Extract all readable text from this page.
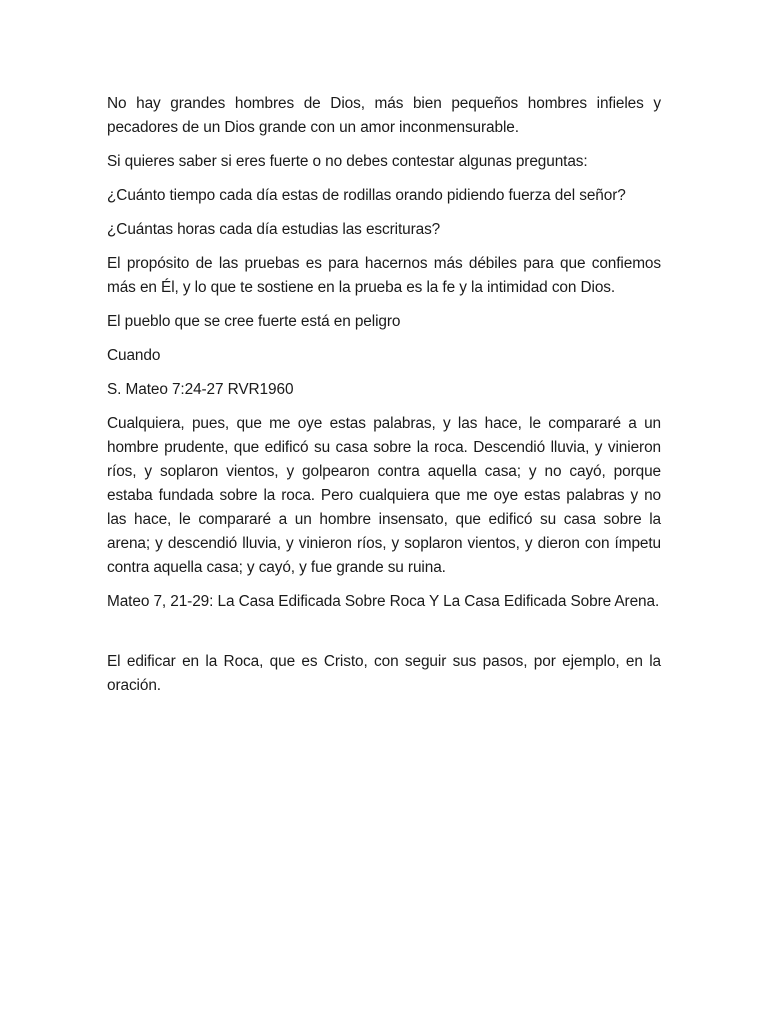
No hay grandes hombres de Dios, más bien pequeños hombres infieles y pecadores de un Dios grande con un amor inconmensurable.

Si quieres saber si eres fuerte o no debes contestar algunas preguntas:

¿Cuánto tiempo cada día estas de rodillas orando pidiendo fuerza del señor?

¿Cuántas horas cada día estudias las escrituras?

El propósito de las pruebas es para hacernos más débiles para que confiemos más en Él, y lo que te sostiene en la prueba es la fe y la intimidad con Dios.

El pueblo que se cree fuerte está en peligro

Cuando

S. Mateo 7:24-27 RVR1960

Cualquiera, pues, que me oye estas palabras, y las hace, le compararé a un hombre prudente, que edificó su casa sobre la roca. Descendió lluvia, y vinieron ríos, y soplaron vientos, y golpearon contra aquella casa; y no cayó, porque estaba fundada sobre la roca. Pero cualquiera que me oye estas palabras y no las hace, le compararé a un hombre insensato, que edificó su casa sobre la arena; y descendió lluvia, y vinieron ríos, y soplaron vientos, y dieron con ímpetu contra aquella casa; y cayó, y fue grande su ruina.

Mateo 7, 21-29: La Casa Edificada Sobre Roca Y La Casa Edificada Sobre Arena.

El edificar en la Roca, que es Cristo, con seguir sus pasos, por ejemplo, en la oración.
